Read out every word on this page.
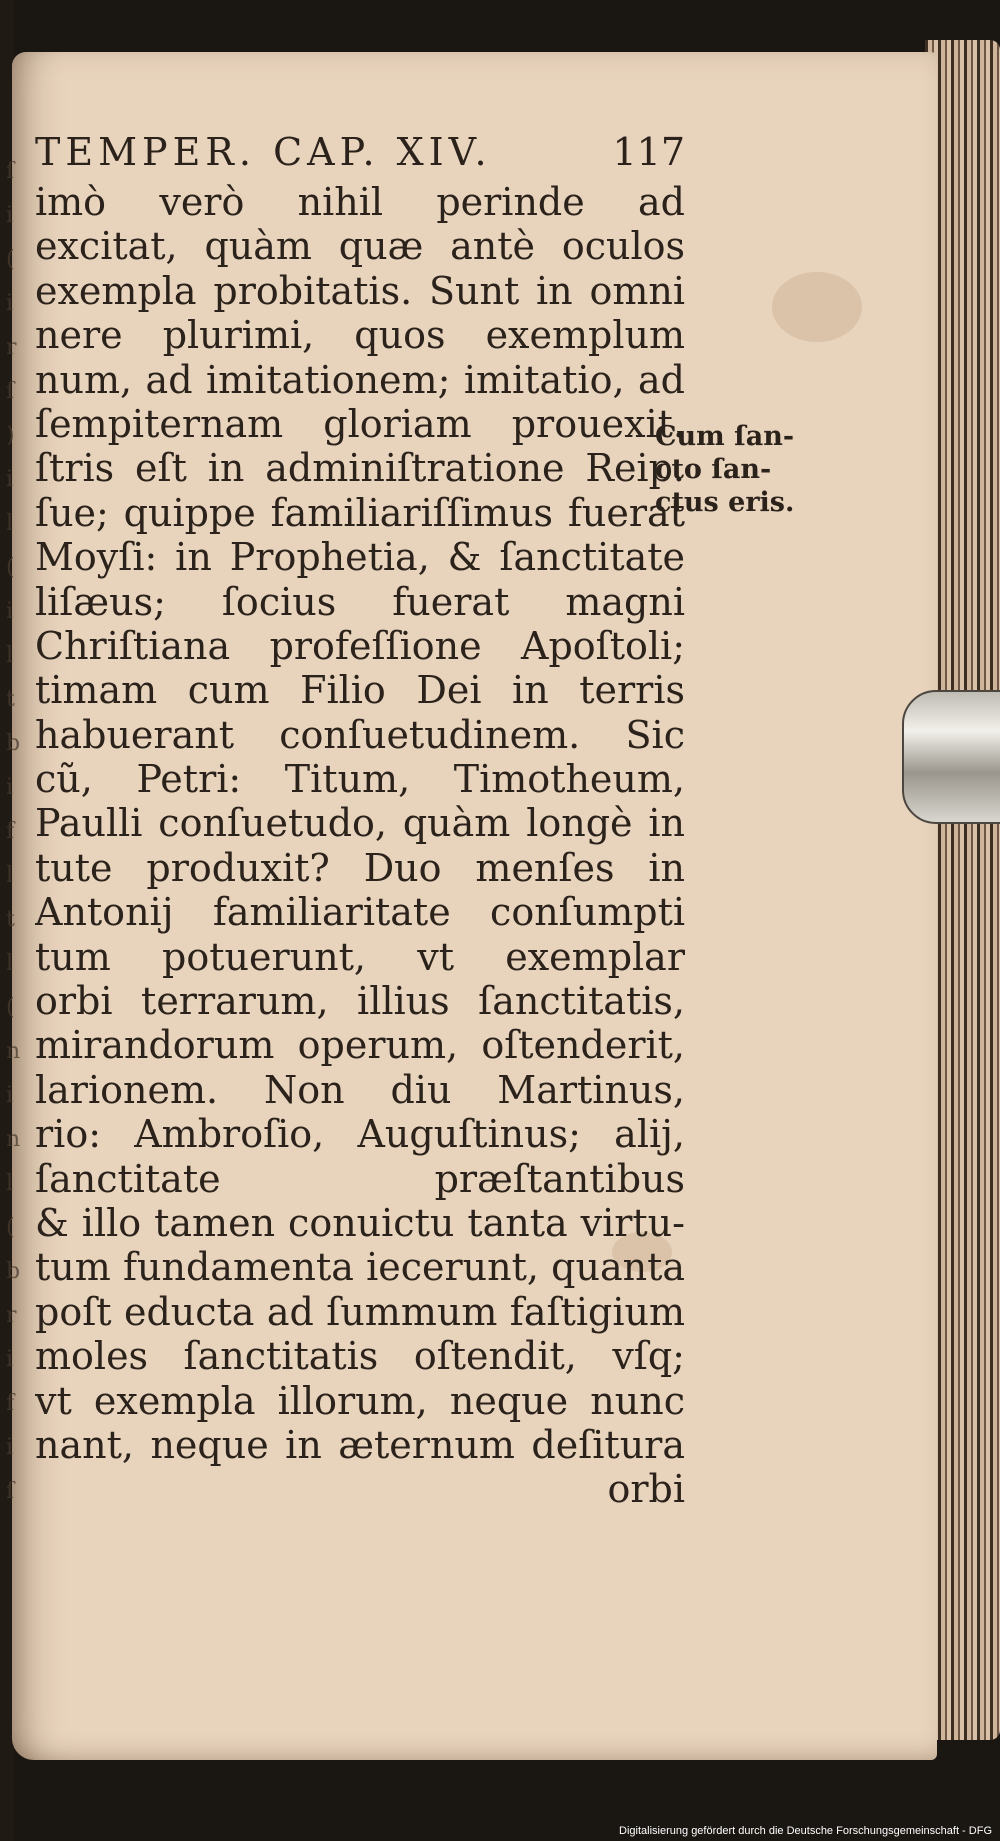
ſ
i
(
i
r
ſ
)
i
l
(
i
l
t
b
i
f
l
t
l
(
n
i
n
l
(
b
r
i
f
i
ſ
TEMPER. CAP. XIV.	117
imò verò nihil perinde ad
excitat, quàm quæ antè oculos
exempla probitatis. Sunt in omni
nere plurimi, quos exemplum
num, ad imitationem; imitatio, ad
ſempiternam gloriam prouexit.
ſtris eſt in adminiſtratione Reip.
ſue; quippe familiariſſimus fuerat
Moyſi: in Prophetia, & ſanctitate
liſæus; ſocius fuerat magni
Chriſtiana profeſſione Apoſtoli;
timam cum Filio Dei in terris
habuerant conſuetudinem. Sic
cũ, Petri: Titum, Timotheum,
Paulli conſuetudo, quàm longè in
tute produxit? Duo menſes in
Antonij familiaritate conſumpti
tum potuerunt, vt exemplar
orbi terrarum, illius ſanctitatis,
mirandorum operum, oſtenderit,
larionem. Non diu Martinus,
rio: Ambroſio, Auguſtinus; alij,
ſanctitate præſtantibus
& illo tamen conuictu tanta virtu-
tum fundamenta iecerunt, quanta
poſt educta ad ſummum faſtigium
moles ſanctitatis oſtendit, vſq;
vt exempla illorum, neque nunc
nant, neque in æternum deſitura
orbi
Cum ſan-
cto ſan-
ctus eris.
Digitalisierung gefördert durch die Deutsche Forschungsgemeinschaft - DFG
